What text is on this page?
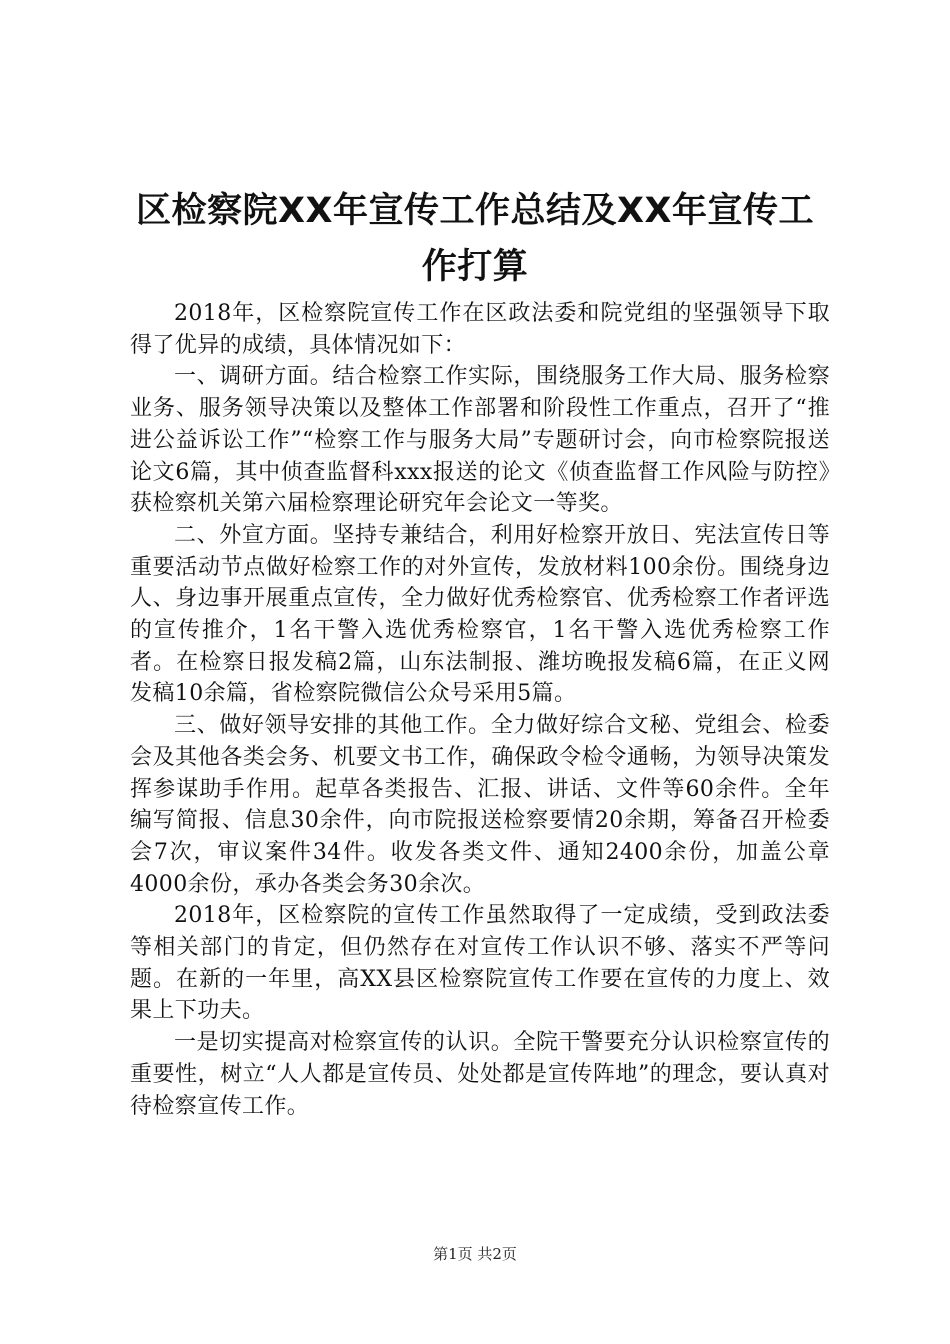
区检察院XX年宣传工作总结及XX年宣传工作打算

2018年，区检察院宣传工作在区政法委和院党组的坚强领导下取得了优异的成绩，具体情况如下：

一、调研方面。结合检察工作实际，围绕服务工作大局、服务检察业务、服务领导决策以及整体工作部署和阶段性工作重点，召开了“推进公益诉讼工作”“检察工作与服务大局”专题研讨会，向市检察院报送论文6篇，其中侦查监督科xxx报送的论文《侦查监督工作风险与防控》获检察机关第六届检察理论研究年会论文一等奖。

二、外宣方面。坚持专兼结合，利用好检察开放日、宪法宣传日等重要活动节点做好检察工作的对外宣传，发放材料100余份。围绕身边人、身边事开展重点宣传，全力做好优秀检察官、优秀检察工作者评选的宣传推介，1名干警入选优秀检察官，1名干警入选优秀检察工作者。在检察日报发稿2篇，山东法制报、潍坊晚报发稿6篇，在正义网发稿10余篇，省检察院微信公众号采用5篇。

三、做好领导安排的其他工作。全力做好综合文秘、党组会、检委会及其他各类会务、机要文书工作，确保政令检令通畅，为领导决策发挥参谋助手作用。起草各类报告、汇报、讲话、文件等60余件。全年编写简报、信息30余件，向市院报送检察要情20余期，筹备召开检委会7次，审议案件34件。收发各类文件、通知2400余份，加盖公章4000余份，承办各类会务30余次。

2018年，区检察院的宣传工作虽然取得了一定成绩，受到政法委等相关部门的肯定，但仍然存在对宣传工作认识不够、落实不严等问题。在新的一年里，高XX县区检察院宣传工作要在宣传的力度上、效果上下功夫。

一是切实提高对检察宣传的认识。全院干警要充分认识检察宣传的重要性，树立“人人都是宣传员、处处都是宣传阵地”的理念，要认真对待检察宣传工作。

第1页 共2页
